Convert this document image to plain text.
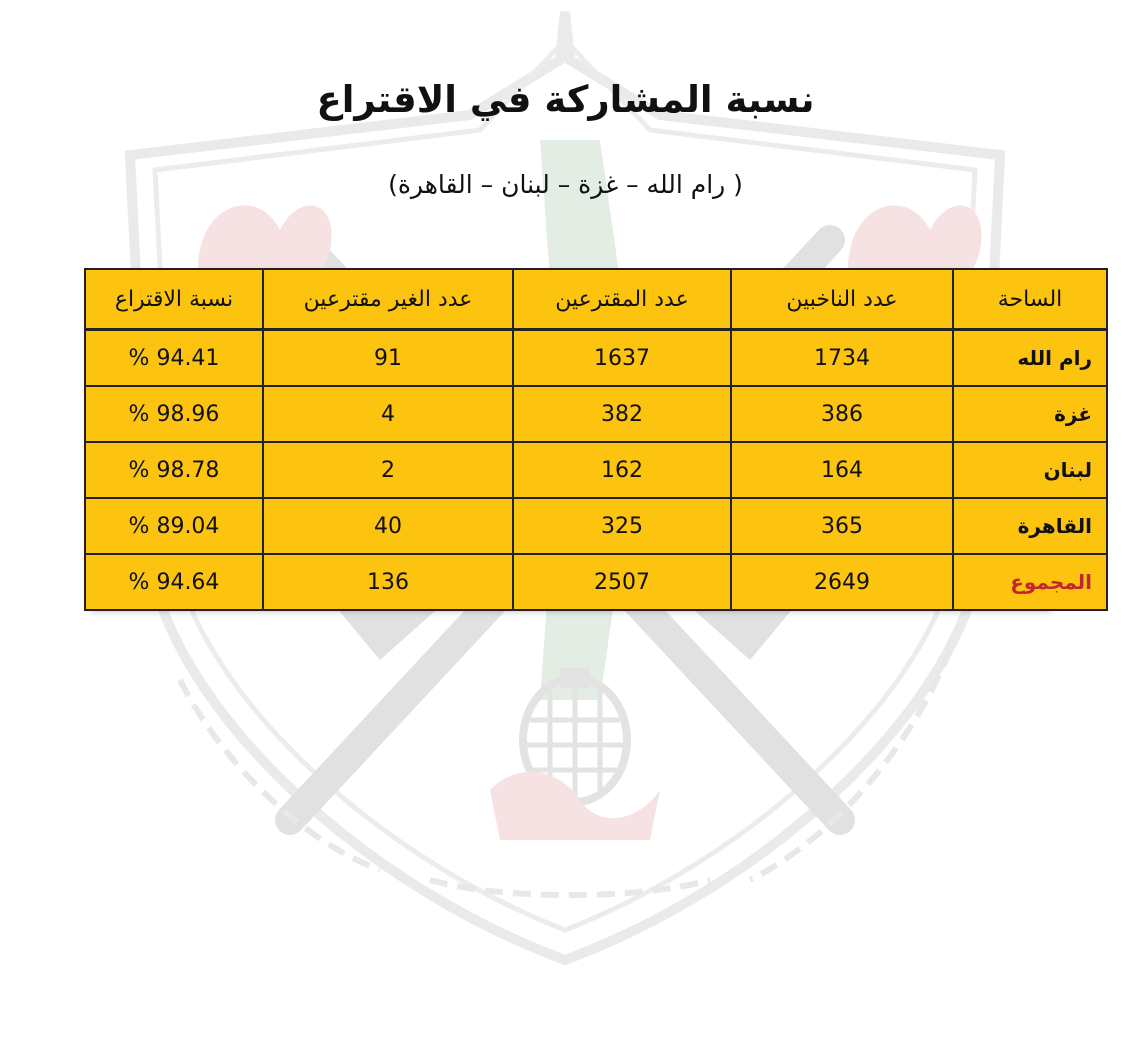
نسبة المشاركة في الاقتراع
( رام الله – غزة – لبنان – القاهرة)
الساحة	عدد الناخبين	عدد المقترعين	عدد الغير مقترعين	نسبة الاقتراع
رام الله	1734	1637	91	% 94.41
غزة	386	382	4	% 98.96
لبنان	164	162	2	% 98.78
القاهرة	365	325	40	% 89.04
المجموع	2649	2507	136	% 94.64
